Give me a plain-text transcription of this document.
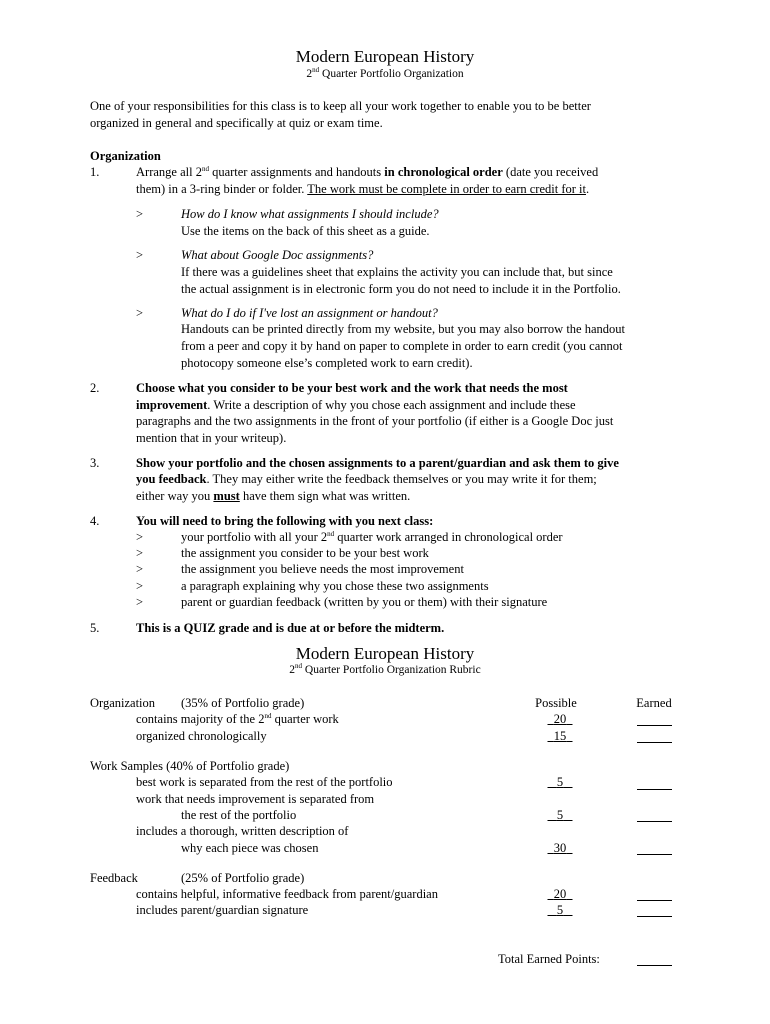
Modern European History
2nd Quarter Portfolio Organization
One of your responsibilities for this class is to keep all your work together to enable you to be better
organized in general and specifically at quiz or exam time.
Organization
1.	Arrange all 2nd quarter assignments and handouts in chronological order (date you received
them) in a 3-ring binder or folder. The work must be complete in order to earn credit for it.
>	How do I know what assignments I should include?
Use the items on the back of this sheet as a guide.
>	What about Google Doc assignments?
If there was a guidelines sheet that explains the activity you can include that, but since
the actual assignment is in electronic form you do not need to include it in the Portfolio.
>	What do I do if I've lost an assignment or handout?
Handouts can be printed directly from my website, but you may also borrow the handout
from a peer and copy it by hand on paper to complete in order to earn credit (you cannot
photocopy someone else’s completed work to earn credit).
2.	Choose what you consider to be your best work and the work that needs the most
improvement. Write a description of why you chose each assignment and include these
paragraphs and the two assignments in the front of your portfolio (if either is a Google Doc just
mention that in your writeup).
3.	Show your portfolio and the chosen assignments to a parent/guardian and ask them to give
you feedback. They may either write the feedback themselves or you may write it for them;
either way you must have them sign what was written.
4.	You will need to bring the following with you next class:
>	your portfolio with all your 2nd quarter work arranged in chronological order
>	the assignment you consider to be your best work
>	the assignment you believe needs the most improvement
>	a paragraph explaining why you chose these two assignments
>	parent or guardian feedback (written by you or them) with their signature
5.	This is a QUIZ grade and is due at or before the midterm.
Modern European History
2nd Quarter Portfolio Organization Rubric
Possible	Earned
Organization (35% of Portfolio grade)
contains majority of the 2nd quarter work	20
organized chronologically	15
Work Samples (40% of Portfolio grade)
best work is separated from the rest of the portfolio	5
work that needs improvement is separated from
the rest of the portfolio	5
includes a thorough, written description of
why each piece was chosen	30
Feedback	(25% of Portfolio grade)
contains helpful, informative feedback from parent/guardian	20
includes parent/guardian signature	5
Total Earned Points:
